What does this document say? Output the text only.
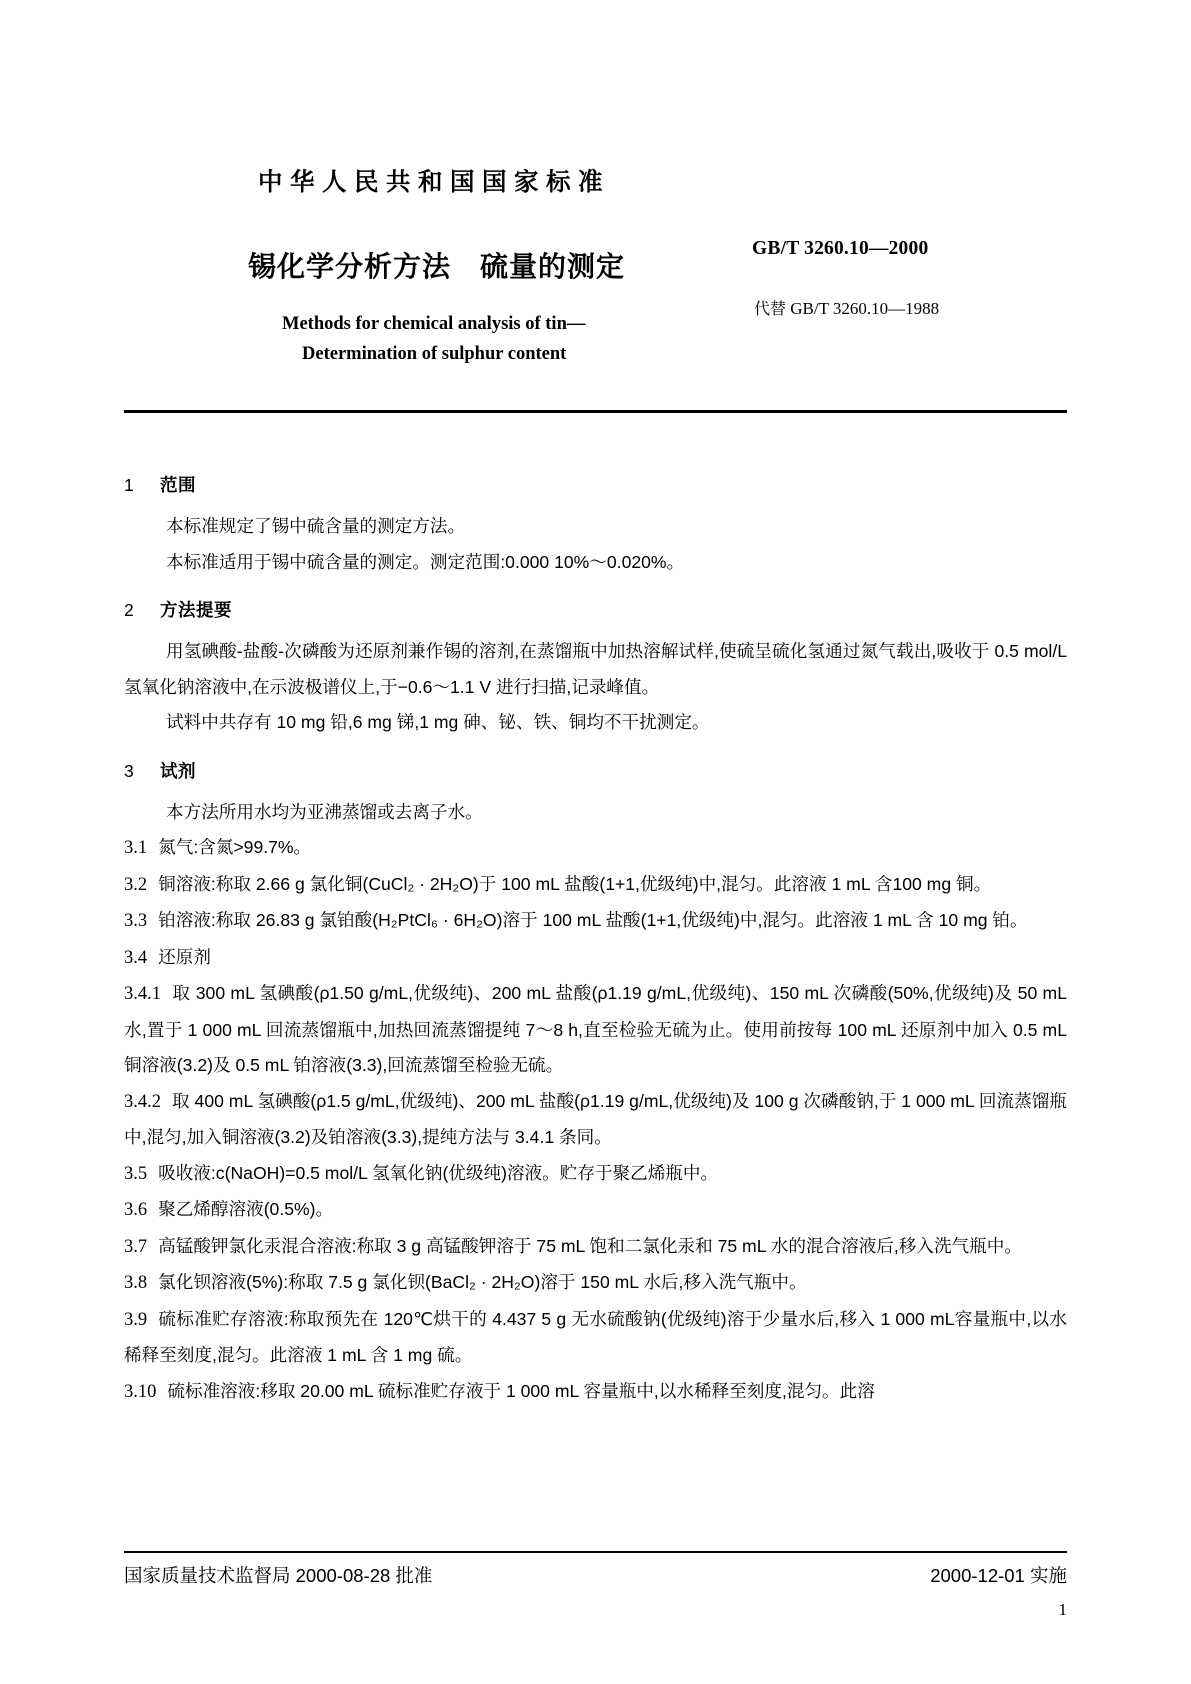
中华人民共和国国家标准
锡化学分析方法　硫量的测定
GB/T 3260.10—2000
代替 GB/T 3260.10—1988
Methods for chemical analysis of tin—
Determination of sulphur content
1 范围

本标准规定了锡中硫含量的测定方法。

本标准适用于锡中硫含量的测定。测定范围:0.000 10%～0.020%。

2 方法提要

用氢碘酸-盐酸-次磷酸为还原剂兼作锡的溶剂,在蒸馏瓶中加热溶解试样,使硫呈硫化氢通过氮气载出,吸收于 0.5 mol/L 氢氧化钠溶液中,在示波极谱仪上,于−0.6～1.1 V 进行扫描,记录峰值。

试料中共存有 10 mg 铅,6 mg 锑,1 mg 砷、铋、铁、铜均不干扰测定。

3 试剂

本方法所用水均为亚沸蒸馏或去离子水。

3.1 氮气:含氮>99.7%。

3.2 铜溶液:称取 2.66 g 氯化铜(CuCl₂ · 2H₂O)于 100 mL 盐酸(1+1,优级纯)中,混匀。此溶液 1 mL 含100 mg 铜。

3.3 铂溶液:称取 26.83 g 氯铂酸(H₂PtCl₆ · 6H₂O)溶于 100 mL 盐酸(1+1,优级纯)中,混匀。此溶液 1 mL 含 10 mg 铂。

3.4 还原剂

3.4.1 取 300 mL 氢碘酸(ρ1.50 g/mL,优级纯)、200 mL 盐酸(ρ1.19 g/mL,优级纯)、150 mL 次磷酸(50%,优级纯)及 50 mL 水,置于 1 000 mL 回流蒸馏瓶中,加热回流蒸馏提纯 7～8 h,直至检验无硫为止。使用前按每 100 mL 还原剂中加入 0.5 mL 铜溶液(3.2)及 0.5 mL 铂溶液(3.3),回流蒸馏至检验无硫。

3.4.2 取 400 mL 氢碘酸(ρ1.5 g/mL,优级纯)、200 mL 盐酸(ρ1.19 g/mL,优级纯)及 100 g 次磷酸钠,于 1 000 mL 回流蒸馏瓶中,混匀,加入铜溶液(3.2)及铂溶液(3.3),提纯方法与 3.4.1 条同。

3.5 吸收液:c(NaOH)=0.5 mol/L 氢氧化钠(优级纯)溶液。贮存于聚乙烯瓶中。

3.6 聚乙烯醇溶液(0.5%)。

3.7 高锰酸钾氯化汞混合溶液:称取 3 g 高锰酸钾溶于 75 mL 饱和二氯化汞和 75 mL 水的混合溶液后,移入洗气瓶中。

3.8 氯化钡溶液(5%):称取 7.5 g 氯化钡(BaCl₂ · 2H₂O)溶于 150 mL 水后,移入洗气瓶中。

3.9 硫标准贮存溶液:称取预先在 120℃烘干的 4.437 5 g 无水硫酸钠(优级纯)溶于少量水后,移入 1 000 mL容量瓶中,以水稀释至刻度,混匀。此溶液 1 mL 含 1 mg 硫。

3.10 硫标准溶液:移取 20.00 mL 硫标准贮存液于 1 000 mL 容量瓶中,以水稀释至刻度,混匀。此溶

国家质量技术监督局 2000-08-28 批准	2000-12-01 实施
1
